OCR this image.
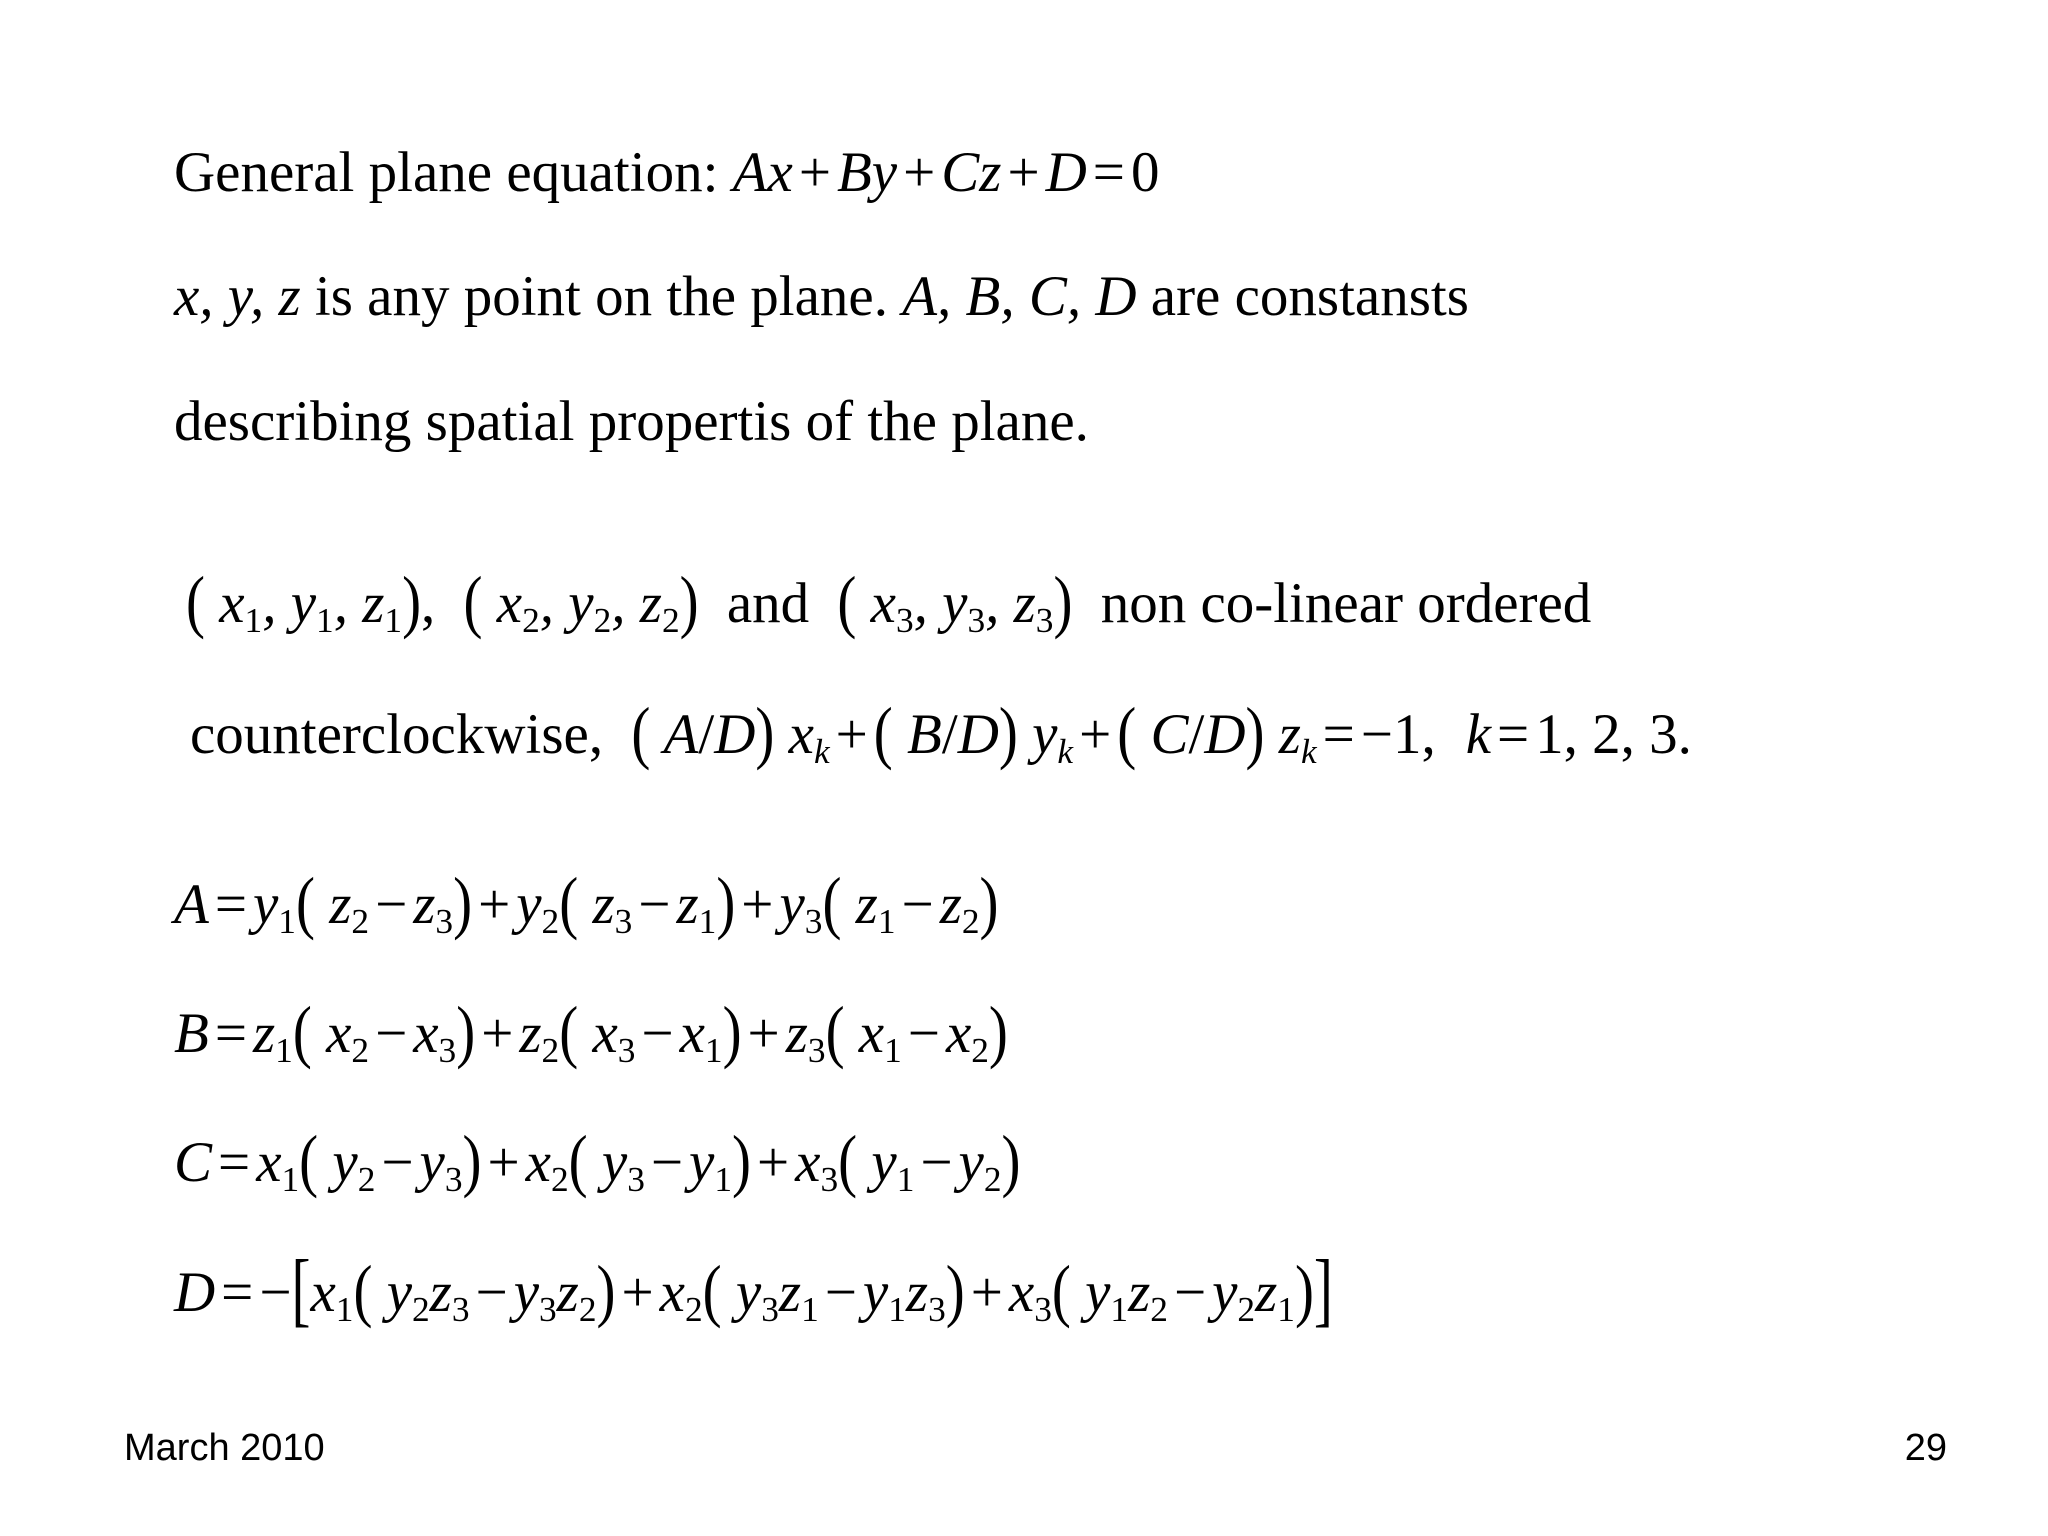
General plane equation: Ax + By + Cz + D = 0
x, y, z is any point on the plane. A, B, C, D are constansts
describing spatial propertis of the plane.
( $x_1$, $y_1$, $z_1$), ( $x_2$, $y_2$, $z_2$) and ( $x_3$, $y_3$, $z_3$) non co-linear ordered
counterclockwise, ( A/D) $x_k$ + ( B/D) $y_k$ + ( C/D) $z_k = -1$, k = 1, 2, 3.
$A = y_1$( $z_2 - z_3) + y_2$( $z_3 - z_1) + y_3$( $z_1 - z_2$)
$B = z_1$( $x_2 - x_3) + z_2$( $x_3 - x_1) + z_3$( $x_1 - x_2$)
$C = x_1$( $y_2 - y_3) + x_2$( $y_3 - y_1) + x_3$( $y_1 - y_2$)
$D = -[x_1$( $y_2z_3 - y_3z_2) + x_2$( $y_3z_1 - y_1z_3) + x_3$( $y_1z_2 - y_2z_1$)]
March 2010	29
